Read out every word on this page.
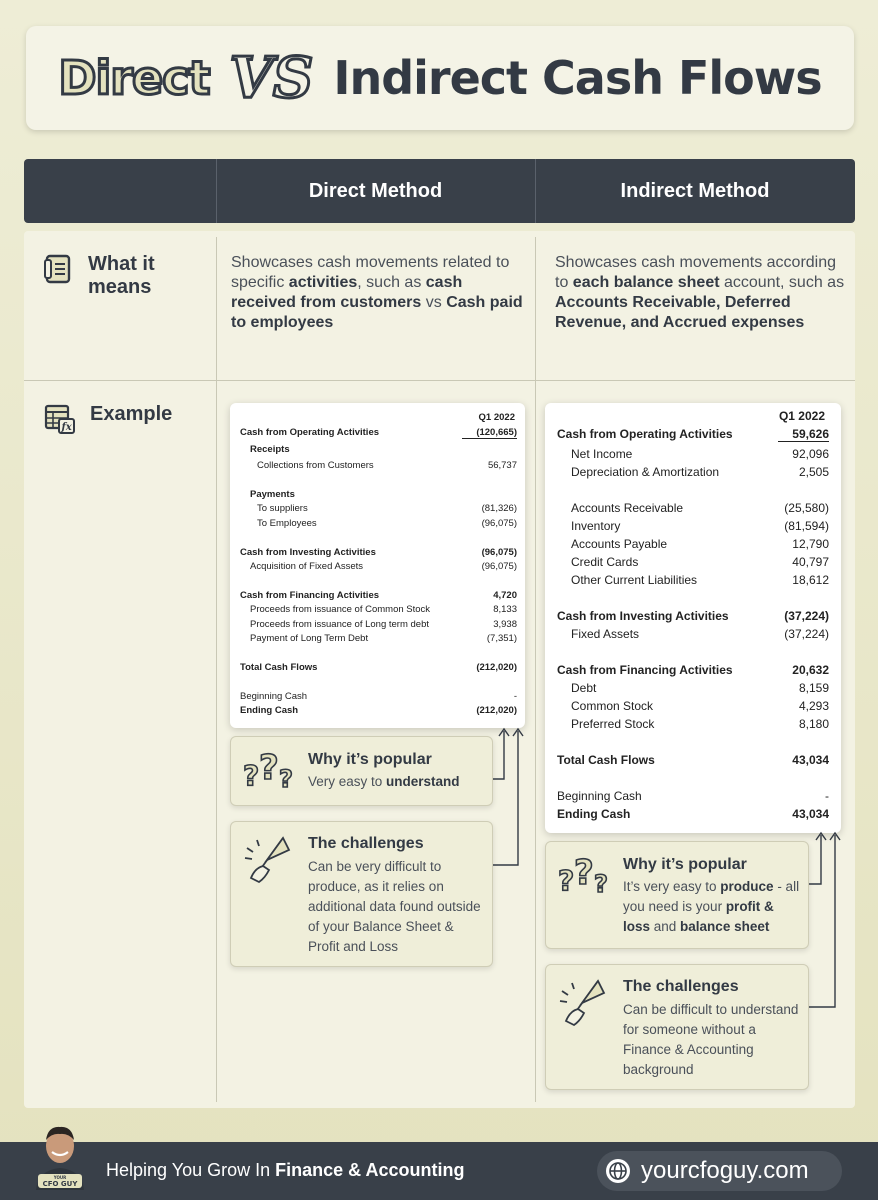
Direct VS Indirect Cash Flows
Direct Method	Indirect Method
What it means
Showcases cash movements related to specific activities, such as cash received from customers vs Cash paid to employees
Showcases cash movements according to each balance sheet account, such as Accounts Receivable, Deferred Revenue, and Accrued expenses
fx
Example	Q1 2022
Cash from Operating Activities	(120,665)
Receipts
Collections from Customers	56,737
Payments
To suppliers	(81,326)
To Employees	(96,075)
Cash from Investing Activities	(96,075)
Acquisition of Fixed Assets	(96,075)
Cash from Financing Activities	4,720
Proceeds from issuance of Common Stock	8,133
Proceeds from issuance of Long term debt	3,938
Payment of Long Term Debt	(7,351)
Total Cash Flows	(212,020)
Beginning Cash	-
Ending Cash	(212,020)
Q1 2022
Cash from Operating Activities	59,626
Net Income	92,096
Depreciation & Amortization	2,505
Accounts Receivable	(25,580)
Inventory	(81,594)
Accounts Payable	12,790
Credit Cards	40,797
Other Current Liabilities	18,612
Cash from Investing Activities	(37,224)
Fixed Assets	(37,224)
Cash from Financing Activities	20,632
Debt	8,159
Common Stock	4,293
Preferred Stock	8,180
Total Cash Flows	43,034
Beginning Cash	-
Ending Cash	43,034
? ? ?
Why it’s popular
Very easy to understand
The challenges
Can be very difficult to produce, as it relies on additional data found outside of your Balance Sheet & Profit and Loss
? ? ?
Why it’s popular
It’s very easy to produce - all you need is your profit & loss and balance sheet
The challenges
Can be difficult to understand for someone without a Finance & Accounting background
Helping You Grow In Finance & Accounting	yourcfoguy.com
YOUR
CFO GUY
